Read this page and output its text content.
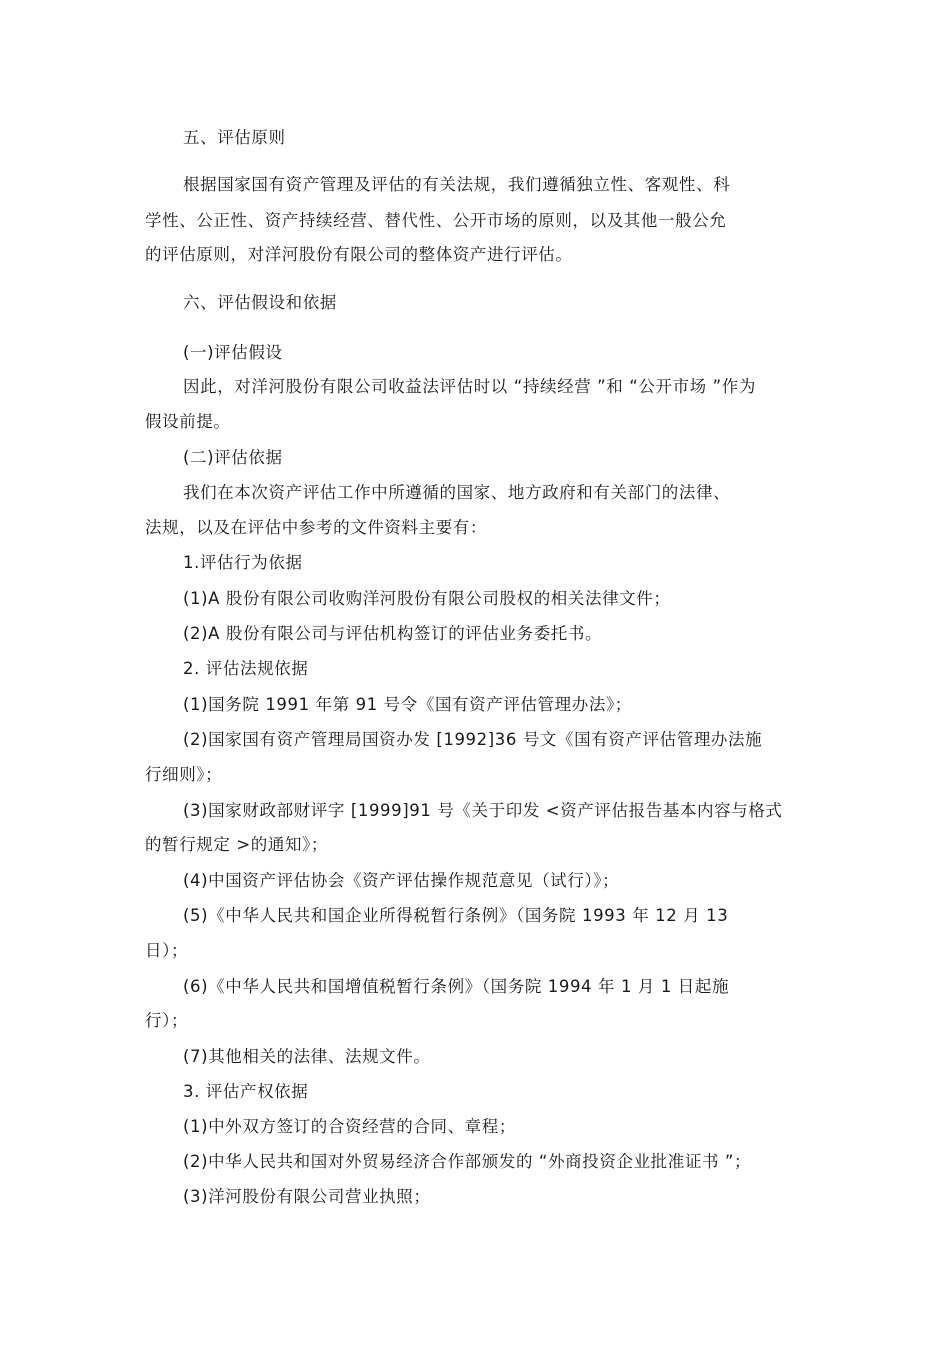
五、评估原则
根据国家国有资产管理及评估的有关法规，我们遵循独立性、客观性、科
学性、公正性、资产持续经营、替代性、公开市场的原则，以及其他一般公允
的评估原则，对洋河股份有限公司的整体资产进行评估。
六、评估假设和依据
(一)评估假设
因此，对洋河股份有限公司收益法评估时以 “持续经营 ”和 “公开市场 ”作为
假设前提。
(二)评估依据
我们在本次资产评估工作中所遵循的国家、地方政府和有关部门的法律、
法规，以及在评估中参考的文件资料主要有：
1.评估行为依据
(1)A 股份有限公司收购洋河股份有限公司股权的相关法律文件；
(2)A 股份有限公司与评估机构签订的评估业务委托书。
2. 评估法规依据
(1)国务院 1991 年第 91 号令《国有资产评估管理办法》；
(2)国家国有资产管理局国资办发 [1992]36 号文《国有资产评估管理办法施
行细则》；
(3)国家财政部财评字 [1999]91 号《关于印发 <资产评估报告基本内容与格式
的暂行规定 >的通知》；
(4)中国资产评估协会《资产评估操作规范意见（试行）》；
(5)《中华人民共和国企业所得税暂行条例》（国务院 1993 年 12 月 13
日）；
(6)《中华人民共和国增值税暂行条例》（国务院 1994 年 1 月 1 日起施
行）；
(7)其他相关的法律、法规文件。
3. 评估产权依据
(1)中外双方签订的合资经营的合同、章程；
(2)中华人民共和国对外贸易经济合作部颁发的 “外商投资企业批准证书 ”；
(3)洋河股份有限公司营业执照；
